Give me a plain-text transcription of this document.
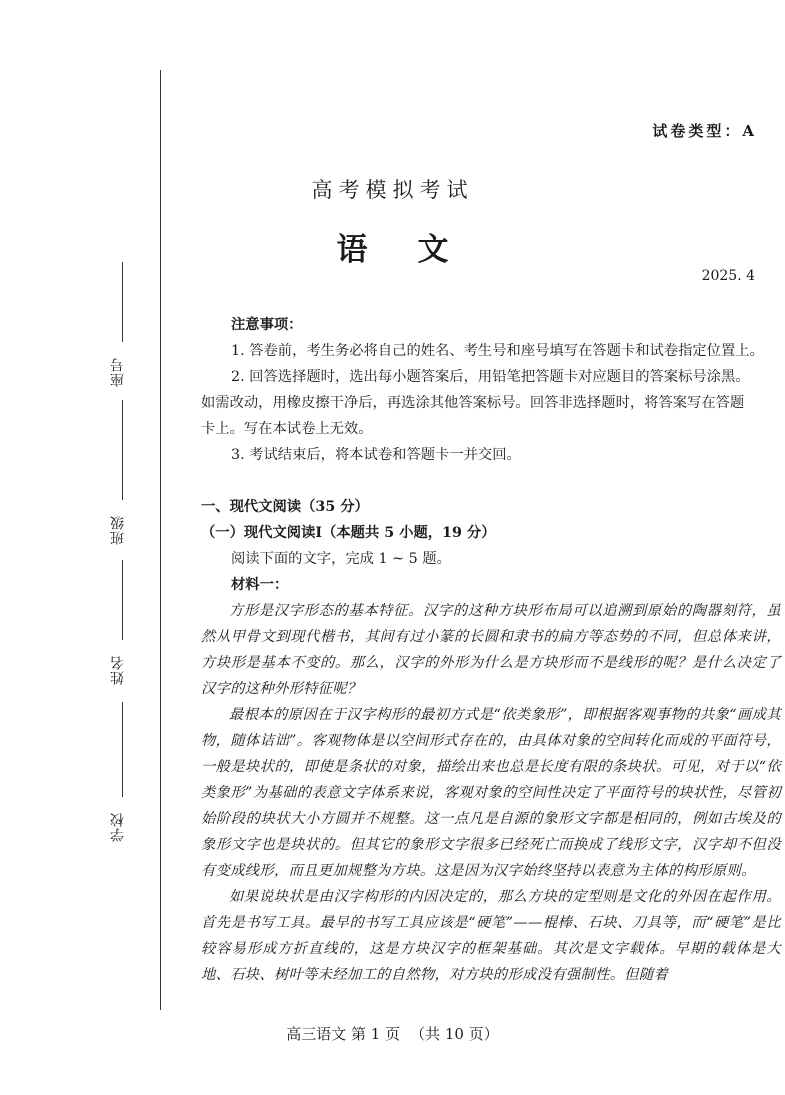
座号
班级
姓名
学校
试卷类型：A
高考模拟考试
语 文
2025. 4

注意事项：

1. 答卷前，考生务必将自己的姓名、考生号和座号填写在答题卡和试卷指定位置上。

2. 回答选择题时，选出每小题答案后，用铅笔把答题卡对应题目的答案标号涂黑。

如需改动，用橡皮擦干净后，再选涂其他答案标号。回答非选择题时，将答案写在答题

卡上。写在本试卷上无效。

3. 考试结束后，将本试卷和答题卡一并交回。

一、现代文阅读（35 分）

（一）现代文阅读Ⅰ（本题共 5 小题，19 分）

阅读下面的文字，完成 1 ~ 5 题。

材料一：

方形是汉字形态的基本特征。汉字的这种方块形布局可以追溯到原始的陶器刻符，虽然从甲骨文到现代楷书，其间有过小篆的长圆和隶书的扁方等态势的不同，但总体来讲，方块形是基本不变的。那么，汉字的外形为什么是方块形而不是线形的呢？是什么决定了汉字的这种外形特征呢？

最根本的原因在于汉字构形的最初方式是“依类象形”，即根据客观事物的共象“画成其物，随体诘诎”。客观物体是以空间形式存在的，由具体对象的空间转化而成的平面符号，一般是块状的，即使是条状的对象，描绘出来也总是长度有限的条块状。可见，对于以“依类象形”为基础的表意文字体系来说，客观对象的空间性决定了平面符号的块状性，尽管初始阶段的块状大小方圆并不规整。这一点凡是自源的象形文字都是相同的，例如古埃及的象形文字也是块状的。但其它的象形文字很多已经死亡而换成了线形文字，汉字却不但没有变成线形，而且更加规整为方块。这是因为汉字始终坚持以表意为主体的构形原则。

如果说块状是由汉字构形的内因决定的，那么方块的定型则是文化的外因在起作用。首先是书写工具。最早的书写工具应该是“硬笔”——棍棒、石块、刀具等，而“硬笔”是比较容易形成方折直线的，这是方块汉字的框架基础。其次是文字载体。早期的载体是大地、石块、树叶等未经加工的自然物，对方块的形成没有强制性。但随着

高三语文 第 1 页 （共 10 页）
